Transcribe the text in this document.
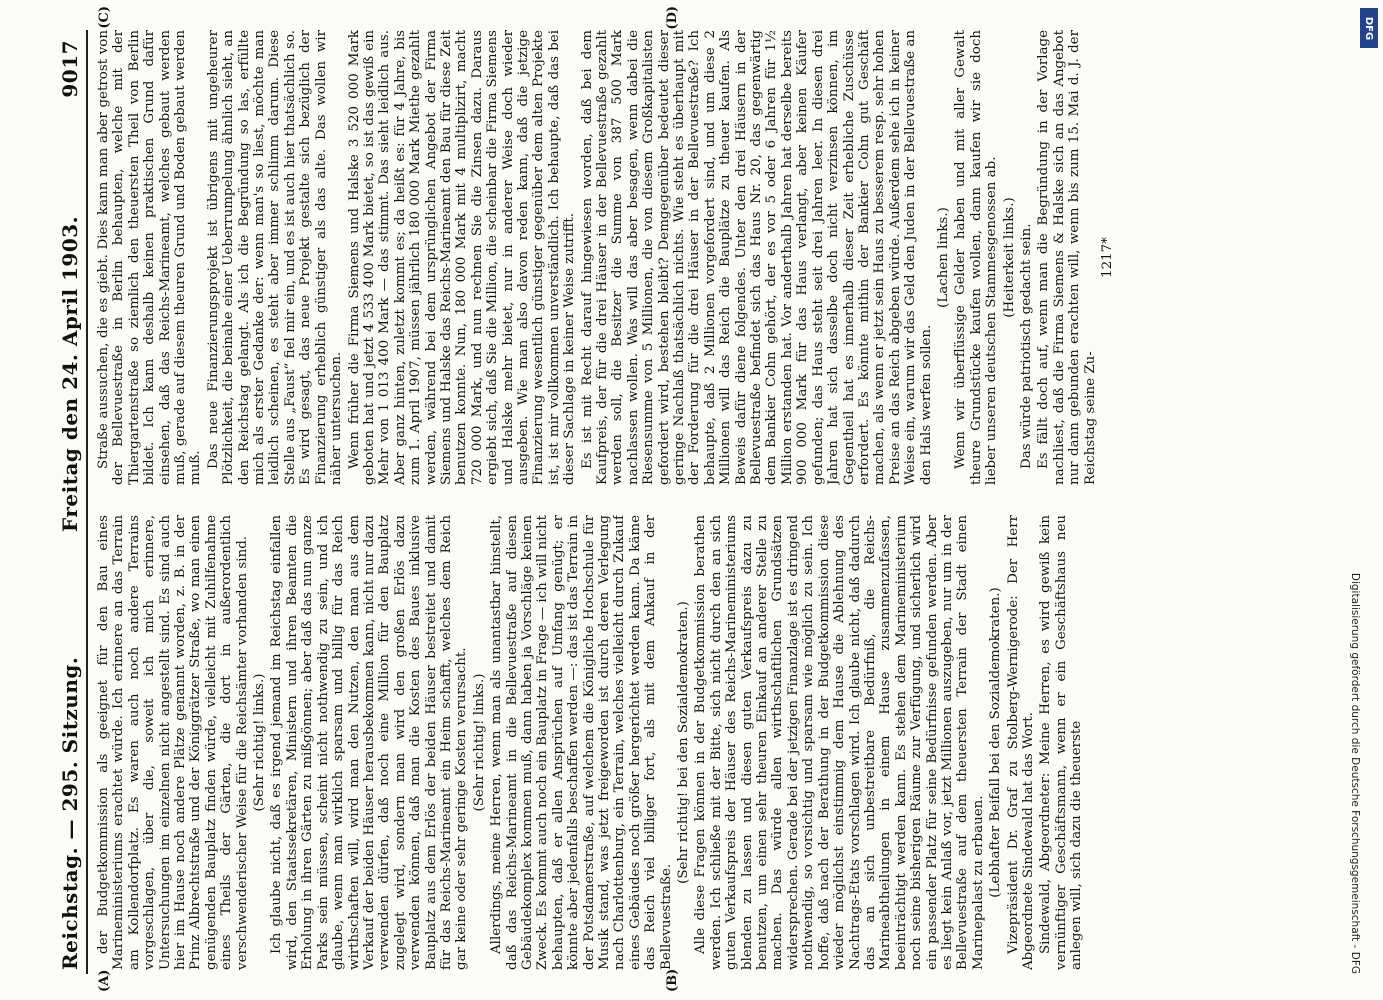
Reichstag. — 295. Sitzung.
Freitag den 24. April 1903.
9017
(A)	(B)
(C)	(D)

der Budgetkommission als geeignet für den Bau eines Marineministeriums erachtet würde. Ich erinnere an das Terrain am Kollendorfplatz. Es waren auch noch andere Terrains vorgeschlagen, über die, soweit ich mich erinnere, Untersuchungen im einzelnen nicht angestellt sind. Es sind auch hier im Hause noch andere Plätze genannt worden, z. B. in der Prinz Albrechtstraße und der Königgrätzer Straße, wo man einen genügenden Bauplatz finden würde, vielleicht mit Zuhilfenahme eines Theils der Gärten, die dort in außerordentlich verschwenderischer Weise für die Reichsämter vorhanden sind. (Sehr richtig! links.) Ich glaube nicht, daß es irgend jemand im Reichstag einfallen wird, den Staatssekretären, Ministern und ihren Beamten die Erholung in ihren Gärten zu mißgönnen; aber daß das nun ganze Parks sein müssen, scheint nicht nothwendig zu sein, und ich glaube, wenn man wirklich sparsam und billig für das Reich wirthschaften will, wird man den Nutzen, den man aus dem Verkauf der beiden Häuser herausbekommen kann, nicht nur dazu verwenden dürfen, daß noch eine Million für den Bauplatz zugelegt wird, sondern man wird den großen Erlös dazu verwenden können, daß man die Kosten des Baues inklusive Bauplatz aus dem Erlös der beiden Häuser bestreitet und damit für das Reichs-Marineamt ein Heim schafft, welches dem Reich gar keine oder sehr geringe Kosten verursacht. (Sehr richtig! links.) Allerdings, meine Herren, wenn man als unantastbar hinstellt, daß das Reichs-Marineamt in die Bellevuestraße auf diesen Gebäudekomplex kommen muß, dann haben ja Vorschläge keinen Zweck. Es kommt auch noch ein Bauplatz in Frage — ich will nicht behaupten, daß er allen Ansprüchen auf Umfang genügt; er könnte aber jedenfalls beschaffen werden —: das ist das Terrain in der Potsdamerstraße, auf welchem die Königliche Hochschule für Musik stand, was jetzt freigeworden ist durch deren Verlegung nach Charlottenburg, ein Terrain, welches vielleicht durch Zukauf eines Gebäudes noch größer hergerichtet werden kann. Da käme das Reich viel billiger fort, als mit dem Ankauf in der Bellevuestraße.

(Sehr richtig! bei den Sozialdemokraten.) Alle diese Fragen können in der Budgetkommission berathen werden. Ich schließe mit der Bitte, sich nicht durch den an sich guten Verkaufspreis der Häuser des Reichs-Marineministeriums blenden zu lassen und diesen guten Verkaufspreis dazu zu benutzen, um einen sehr theuren Einkauf an anderer Stelle zu machen. Das würde allen wirthschaftlichen Grundsätzen widersprechen. Gerade bei der jetzigen Finanzlage ist es dringend nothwendig, so vorsichtig und sparsam wie möglich zu sein. Ich hoffe, daß nach der Berathung in der Budgetkommission diese wieder möglichst einstimmig dem Hause die Ablehnung des Nachtrags-Etats vorschlagen wird. Ich glaube nicht, daß dadurch das an sich unbestreitbare Bedürfniß, die Reichs-Marineabtheilungen in einem Hause zusammenzufassen, beeinträchtigt werden kann. Es stehen dem Marineministerium noch seine bisherigen Räume zur Verfügung, und sicherlich wird ein passender Platz für seine Bedürfnisse gefunden werden. Aber es liegt kein Anlaß vor, jetzt Millionen auszugeben, nur um in der Bellevuestraße auf dem theuersten Terrain der Stadt einen Marinepalast zu erbauen. (Lebhafter Beifall bei den Sozialdemokraten.) Vizepräsident Dr. Graf zu Stolberg-Wernigerode: Der Herr Abgeordnete Sindewald hat das Wort. Sindewald, Abgeordneter: Meine Herren, es wird gewiß kein vernünftiger Geschäftsmann, wenn er ein Geschäftshaus neu anlegen will, sich dazu die theuerste

Straße aussuchen, die es giebt. Dies kann man aber getrost von der Bellevuestraße in Berlin behaupten, welche mit der Thiergartenstraße so ziemlich den theuersten Theil von Berlin bildet. Ich kann deshalb keinen praktischen Grund dafür einsehen, daß das Reichs-Marineamt, welches gebaut werden muß, gerade auf diesem theuren Grund und Boden gebaut werden muß. Das neue Finanzierungsprojekt ist übrigens mit ungeheurer Plötzlichkeit, die beinahe einer Ueberrumpelung ähnlich sieht, an den Reichstag gelangt. Als ich die Begründung so las, erfüllte mich als erster Gedanke der: wenn man's so liest, möchte man leidlich scheinen, es steht aber immer schlimm darum. Diese Stelle aus „Faust“ fiel mir ein, und es ist auch hier thatsächlich so. Es wird gesagt, das neue Projekt gestalte sich bezüglich der Finanzierung erheblich günstiger als das alte. Das wollen wir näher untersuchen. Wenn früher die Firma Siemens und Halske 3 520 000 Mark geboten hat und jetzt 4 533 400 Mark bietet, so ist das gewiß ein Mehr von 1 013 400 Mark — das stimmt. Das sieht leidlich aus. Aber ganz hinten, zuletzt kommt es; da heißt es: für 4 Jahre, bis zum 1. April 1907, müssen jährlich 180 000 Mark Miethe gezahlt werden, während bei dem ursprünglichen Angebot der Firma Siemens und Halske das Reichs-Marineamt den Bau für diese Zeit benutzen konnte. Nun, 180 000 Mark mit 4 multiplizirt, macht 720 000 Mark, und nun rechnen Sie die Zinsen dazu. Daraus ergiebt sich, daß Sie die Million, die scheinbar die Firma Siemens und Halske mehr bietet, nur in anderer Weise doch wieder ausgeben. Wie man also davon reden kann, daß die jetzige Finanzierung wesentlich günstiger gegenüber dem alten Projekte ist, ist mir vollkommen unverständlich. Ich behaupte, daß das bei dieser Sachlage in keiner Weise zutrifft. Es ist mit Recht darauf hingewiesen worden, daß bei dem Kaufpreis, der für die drei Häuser in der Bellevuestraße gezahlt werden soll, die Besitzer die Summe von 387 500 Mark nachlassen wollen. Was will das aber besagen, wenn dabei die Riesensumme von 5 Millionen, die von diesem Großkapitalisten gefordert wird, bestehen bleibt? Demgegenüber bedeutet dieser geringe Nachlaß thatsächlich nichts. Wie steht es überhaupt mit der Forderung für die drei Häuser in der Bellevuestraße? Ich behaupte, daß 2 Millionen vorgefordert sind, und um diese 2 Millionen will das Reich die Bauplätze zu theuer kaufen. Als Beweis dafür diene folgendes. Unter den drei Häusern in der Bellevuestraße befindet sich das Haus Nr. 20, das gegenwärtig dem Bankier Cohn gehört, der es vor 5 oder 6 Jahren für 1½ Million erstanden hat. Vor anderthalb Jahren hat derselbe bereits 900 000 Mark für das Haus verlangt, aber keinen Käufer gefunden; das Haus steht seit drei Jahren leer. In diesen drei Jahren hat sich dasselbe doch nicht verzinsen können, im Gegentheil hat es innerhalb dieser Zeit erhebliche Zuschüsse erfordert. Es könnte mithin der Bankier Cohn gut Geschäft machen, als wenn er jetzt sein Haus zu besserem resp. sehr hohen Preise an das Reich abgeben würde. Außerdem sehe ich in keiner Weise ein, warum wir das Geld den Juden in der Bellevuestraße an den Hals werfen sollen.

(Lachen links.) Wenn wir überflüssige Gelder haben und mit aller Gewalt theure Grundstücke kaufen wollen, dann kaufen wir sie doch lieber unseren deutschen Stammesgenossen ab. (Heiterkeit links.) Das würde patriotisch gedacht sein. Es fällt doch auf, wenn man die Begründung in der Vorlage nachliest, daß die Firma Siemens & Halske sich an das Angebot nur dann gebunden erachten will, wenn bis zum 15. Mai d. J. der Reichstag seine Zu-

1217*

Digitalisierung gefördert durch die Deutsche Forschungsgemeinschaft - DFG
DFG
